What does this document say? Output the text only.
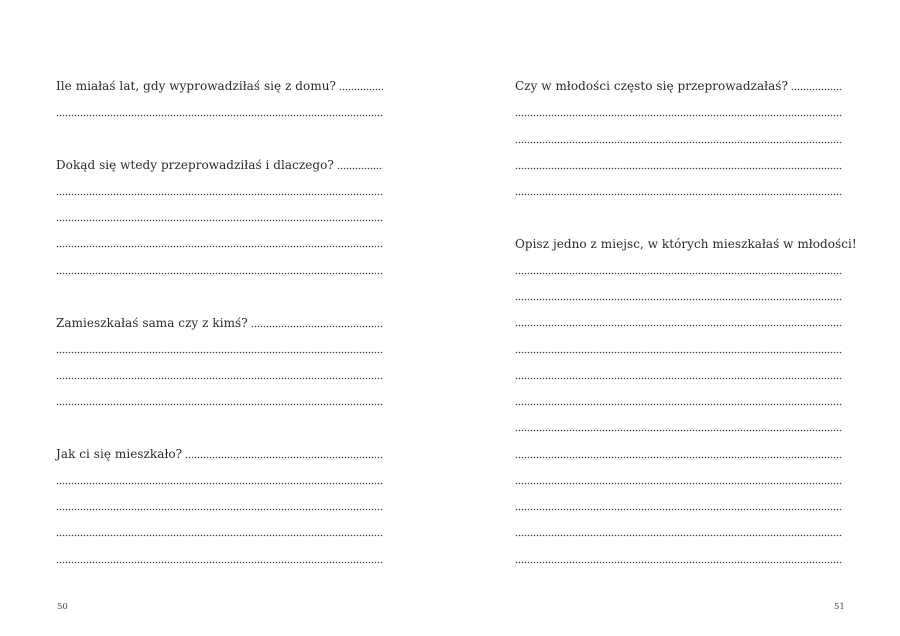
Ile miałaś lat, gdy wyprowadziłaś się z domu?
Dokąd się wtedy przeprowadziłaś i dlaczego?
Zamieszkałaś sama czy z kimś?
Jak ci się mieszkało?
Czy w młodości często się przeprowadzałaś?
Opisz jedno z miejsc, w których mieszkałaś w młodości!
50	51
